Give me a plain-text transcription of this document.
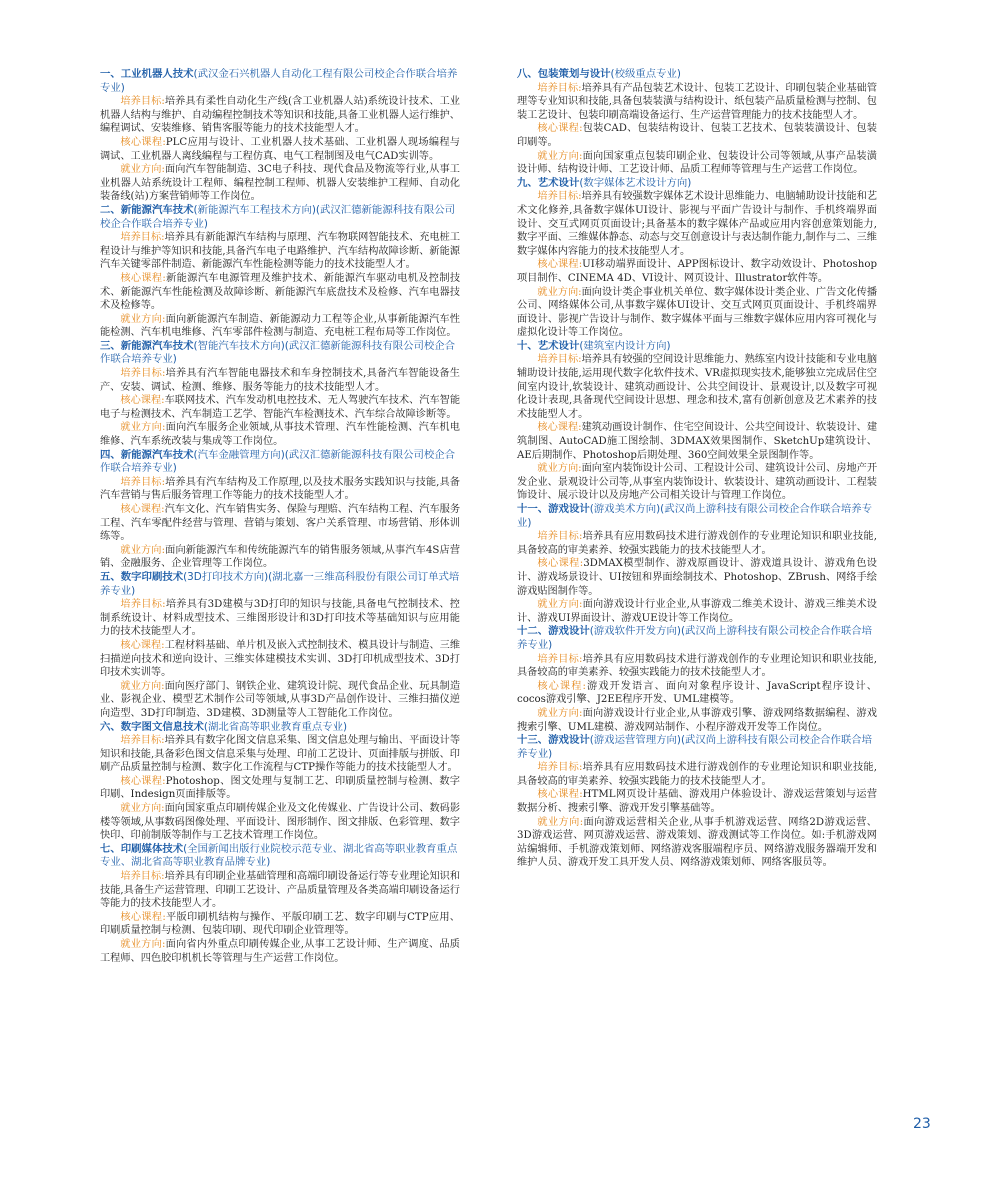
一、工业机器人技术(武汉金石兴机器人自动化工程有限公司校企合作联合培养专业)

培养目标:培养具有柔性自动化生产线(含工业机器人站)系统设计技术、工业机器人结构与维护、自动编程控制技术等知识和技能,具备工业机器人运行维护、编程调试、安装维修、销售客服等能力的技术技能型人才。

核心课程:PLC应用与设计、工业机器人技术基础、工业机器人现场编程与调试、工业机器人离线编程与工程仿真、电气工程制图及电气CAD实训等。

就业方向:面向汽车智能制造、3C电子科技、现代食品及物流等行业,从事工业机器人站系统设计工程师、编程控制工程师、机器人安装维护工程师、自动化装备线(站)方案营销师等工作岗位。

二、新能源汽车技术(新能源汽车工程技术方向)(武汉汇德新能源科技有限公司校企合作联合培养专业)

培养目标:培养具有新能源汽车结构与原理、汽车物联网智能技术、充电桩工程设计与维护等知识和技能,具备汽车电子电路维护、汽车结构故障诊断、新能源汽车关键零部件制造、新能源汽车性能检测等能力的技术技能型人才。

核心课程:新能源汽车电源管理及维护技术、新能源汽车驱动电机及控制技术、新能源汽车性能检测及故障诊断、新能源汽车底盘技术及检修、汽车电器技术及检修等。

就业方向:面向新能源汽车制造、新能源动力工程等企业,从事新能源汽车性能检测、汽车机电维修、汽车零部件检测与制造、充电桩工程布局等工作岗位。

三、新能源汽车技术(智能汽车技术方向)(武汉汇德新能源科技有限公司校企合作联合培养专业)

培养目标:培养具有汽车智能电器技术和车身控制技术,具备汽车智能设备生产、安装、调试、检测、维修、服务等能力的技术技能型人才。

核心课程:车联网技术、汽车发动机电控技术、无人驾驶汽车技术、汽车智能电子与检测技术、汽车制造工艺学、智能汽车检测技术、汽车综合故障诊断等。

就业方向:面向汽车服务企业领域,从事技术管理、汽车性能检测、汽车机电维修、汽车系统改装与集成等工作岗位。

四、新能源汽车技术(汽车金融管理方向)(武汉汇德新能源科技有限公司校企合作联合培养专业)

培养目标:培养具有汽车结构及工作原理,以及技术服务实践知识与技能,具备汽车营销与售后服务管理工作等能力的技术技能型人才。

核心课程:汽车文化、汽车销售实务、保险与理赔、汽车结构工程、汽车服务工程、汽车零配件经营与管理、营销与策划、客户关系管理、市场营销、形体训练等。

就业方向:面向新能源汽车和传统能源汽车的销售服务领域,从事汽车4S店营销、金融服务、企业管理等工作岗位。

五、数字印刷技术(3D打印技术方向)(湖北嘉一三维高科股份有限公司订单式培养专业)

培养目标:培养具有3D建模与3D打印的知识与技能,具备电气控制技术、控制系统设计、材料成型技术、三维图形设计和3D打印技术等基础知识与应用能力的技术技能型人才。

核心课程:工程材料基础、单片机及嵌入式控制技术、模具设计与制造、三维扫描逆向技术和逆向设计、三维实体建模技术实训、3D打印机成型技术、3D打印技术实训等。

就业方向:面向医疗部门、钢铁企业、建筑设计院、现代食品企业、玩具制造业、影视企业、模型艺术制作公司等领域,从事3D产品创作设计、三维扫描仪逆向造型、3D打印制造、3D建模、3D测量等人工智能化工作岗位。

六、数字图文信息技术(湖北省高等职业教育重点专业)

培养目标:培养具有数字化图文信息采集、图文信息处理与输出、平面设计等知识和技能,具备彩色图文信息采集与处理、印前工艺设计、页面排版与拼版、印刷产品质量控制与检测、数字化工作流程与CTP操作等能力的技术技能型人才。

核心课程:Photoshop、图文处理与复制工艺、印刷质量控制与检测、数字印刷、Indesign页面排版等。

就业方向:面向国家重点印刷传媒企业及文化传媒业、广告设计公司、数码影楼等领域,从事数码图像处理、平面设计、图形制作、图文排版、色彩管理、数字快印、印前制版等制作与工艺技术管理工作岗位。

七、印刷媒体技术(全国新闻出版行业院校示范专业、湖北省高等职业教育重点专业、湖北省高等职业教育品牌专业)

培养目标:培养具有印刷企业基础管理和高端印刷设备运行等专业理论知识和技能,具备生产运营管理、印刷工艺设计、产品质量管理及各类高端印刷设备运行等能力的技术技能型人才。

核心课程:平版印刷机结构与操作、平版印刷工艺、数字印刷与CTP应用、印刷质量控制与检测、包装印刷、现代印刷企业管理等。

就业方向:面向省内外重点印刷传媒企业,从事工艺设计师、生产调度、品质工程师、四色胶印机机长等管理与生产运营工作岗位。

八、包装策划与设计(校级重点专业)

培养目标:培养具有产品包装艺术设计、包装工艺设计、印刷包装企业基础管理等专业知识和技能,具备包装装潢与结构设计、纸包装产品质量检测与控制、包装工艺设计、包装印刷高端设备运行、生产运营管理能力的技术技能型人才。

核心课程:包装CAD、包装结构设计、包装工艺技术、包装装潢设计、包装印刷等。

就业方向:面向国家重点包装印刷企业、包装设计公司等领域,从事产品装潢设计师、结构设计师、工艺设计师、品质工程师等管理与生产运营工作岗位。

九、艺术设计(数字媒体艺术设计方向)

培养目标:培养具有较强数字媒体艺术设计思维能力、电脑辅助设计技能和艺术文化修养,具备数字媒体UI设计、影视与平面广告设计与制作、手机终端界面设计、交互式网页页面设计;具备基本的数字媒体产品或应用内容创意策划能力,数字平面、三维媒体静态、动态与交互创意设计与表达制作能力,制作与二、三维数字媒体内容能力的技术技能型人才。

核心课程:UI移动端界面设计、APP图标设计、数字动效设计、Photoshop项目制作、CINEMA 4D、VI设计、网页设计、Illustrator软件等。

就业方向:面向设计类企事业机关单位、数字媒体设计类企业、广告文化传播公司、网络媒体公司,从事数字媒体UI设计、交互式网页页面设计、手机终端界面设计、影视广告设计与制作、数字媒体平面与三维数字媒体应用内容可视化与虚拟化设计等工作岗位。

十、艺术设计(建筑室内设计方向)

培养目标:培养具有较强的空间设计思维能力、熟练室内设计技能和专业电脑辅助设计技能,运用现代数字化软件技术、VR虚拟现实技术,能够独立完成居住空间室内设计,软装设计、建筑动画设计、公共空间设计、景观设计,以及数字可视化设计表现,具备现代空间设计思想、理念和技术,富有创新创意及艺术素养的技术技能型人才。

核心课程:建筑动画设计制作、住宅空间设计、公共空间设计、软装设计、建筑制图、AutoCAD施工图绘制、3DMAX效果图制作、SketchUp建筑设计、AE后期制作、Photoshop后期处理、360空间效果全景图制作等。

就业方向:面向室内装饰设计公司、工程设计公司、建筑设计公司、房地产开发企业、景观设计公司等,从事室内装饰设计、软装设计、建筑动画设计、工程装饰设计、展示设计以及房地产公司相关设计与管理工作岗位。

十一、游戏设计(游戏美术方向)(武汉尚上游科技有限公司校企合作联合培养专业)

培养目标:培养具有应用数码技术进行游戏创作的专业理论知识和职业技能,具备较高的审美素养、较强实践能力的技术技能型人才。

核心课程:3DMAX模型制作、游戏原画设计、游戏道具设计、游戏角色设计、游戏场景设计、UI按钮和界面绘制技术、Photoshop、ZBrush、网络手绘游戏贴图制作等。

就业方向:面向游戏设计行业企业,从事游戏二维美术设计、游戏三维美术设计、游戏UI界面设计、游戏UE设计等工作岗位。

十二、游戏设计(游戏软件开发方向)(武汉尚上游科技有限公司校企合作联合培养专业)

培养目标:培养具有应用数码技术进行游戏创作的专业理论知识和职业技能,具备较高的审美素养、较强实践能力的技术技能型人才。

核心课程:游戏开发语言、面向对象程序设计、JavaScript程序设计、cocos游戏引擎、J2EE程序开发、UML建模等。

就业方向:面向游戏设计行业企业,从事游戏引擎、游戏网络数据编程、游戏搜索引擎、UML建模、游戏网站制作、小程序游戏开发等工作岗位。

十三、游戏设计(游戏运营管理方向)(武汉尚上游科技有限公司校企合作联合培养专业)

培养目标:培养具有应用数码技术进行游戏创作的专业理论知识和职业技能,具备较高的审美素养、较强实践能力的技术技能型人才。

核心课程:HTML网页设计基础、游戏用户体验设计、游戏运营策划与运营数据分析、搜索引擎、游戏开发引擎基础等。

就业方向:面向游戏运营相关企业,从事手机游戏运营、网络2D游戏运营、3D游戏运营、网页游戏运营、游戏策划、游戏测试等工作岗位。如:手机游戏网站编辑师、手机游戏策划师、网络游戏客服端程序员、网络游戏服务器端开发和维护人员、游戏开发工具开发人员、网络游戏策划师、网络客服员等。

23
